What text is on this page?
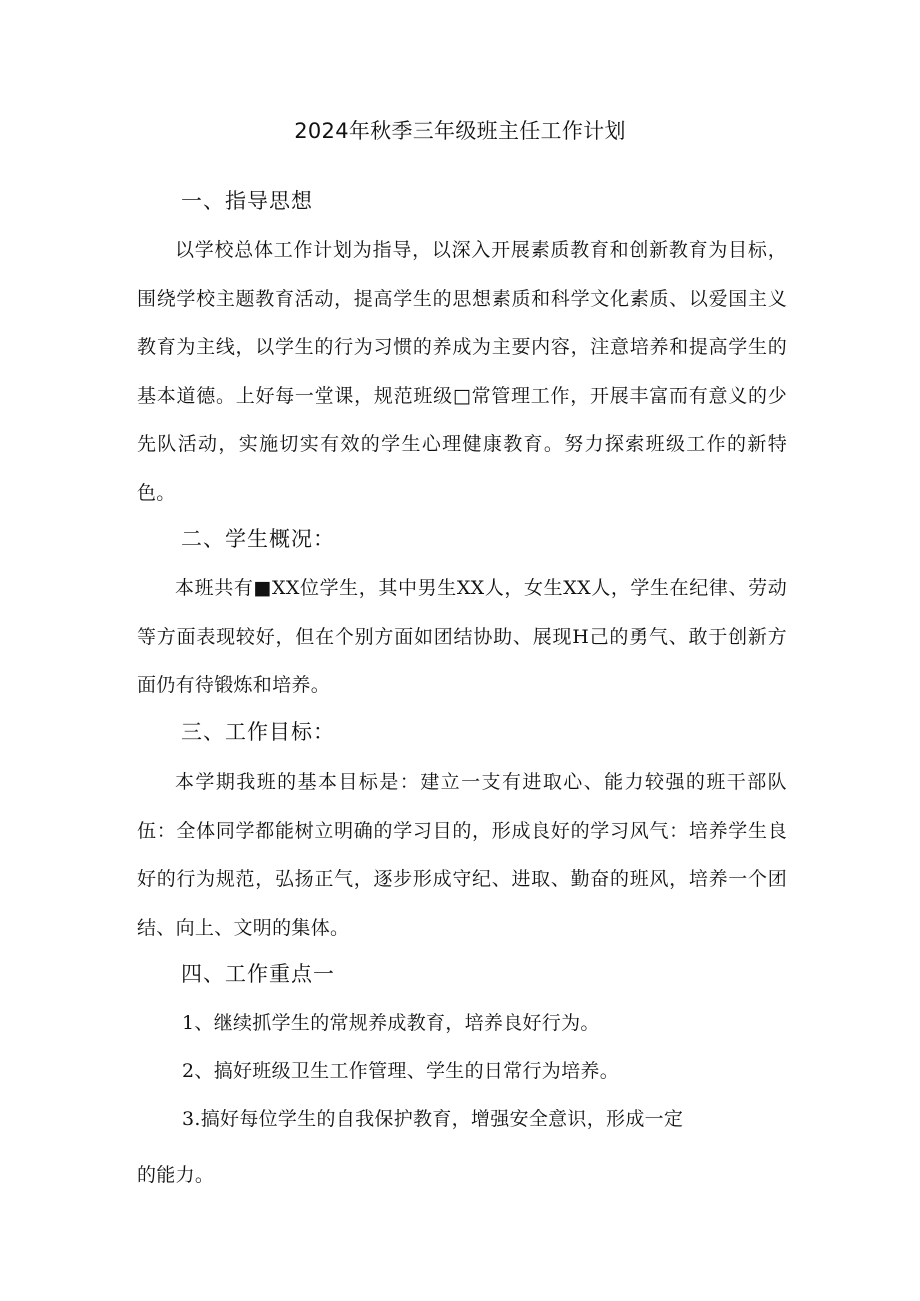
2024年秋季三年级班主任工作计划
一、指导思想
以学校总体工作计划为指导，以深入开展素质教育和创新教育为目标，围绕学校主题教育活动，提高学生的思想素质和科学文化素质、以爱国主义教育为主线，以学生的行为习惯的养成为主要内容，注意培养和提高学生的基本道德。上好每一堂课，规范班级□常管理工作，开展丰富而有意义的少先队活动，实施切实有效的学生心理健康教育。努力探索班级工作的新特色。
二、学生概况：
本班共有■XX位学生，其中男生XX人，女生XX人，学生在纪律、劳动等方面表现较好，但在个别方面如团结协助、展现H己的勇气、敢于创新方面仍有待锻炼和培养。
三、工作目标：
本学期我班的基本目标是：建立一支有进取心、能力较强的班干部队伍：全体同学都能树立明确的学习目的，形成良好的学习风气：培养学生良好的行为规范，弘扬正气，逐步形成守纪、进取、勤奋的班风，培养一个团结、向上、文明的集体。
四、工作重点一
1、继续抓学生的常规养成教育，培养良好行为。
2、搞好班级卫生工作管理、学生的日常行为培养。
3.搞好每位学生的自我保护教育，增强安全意识，形成一定
的能力。
